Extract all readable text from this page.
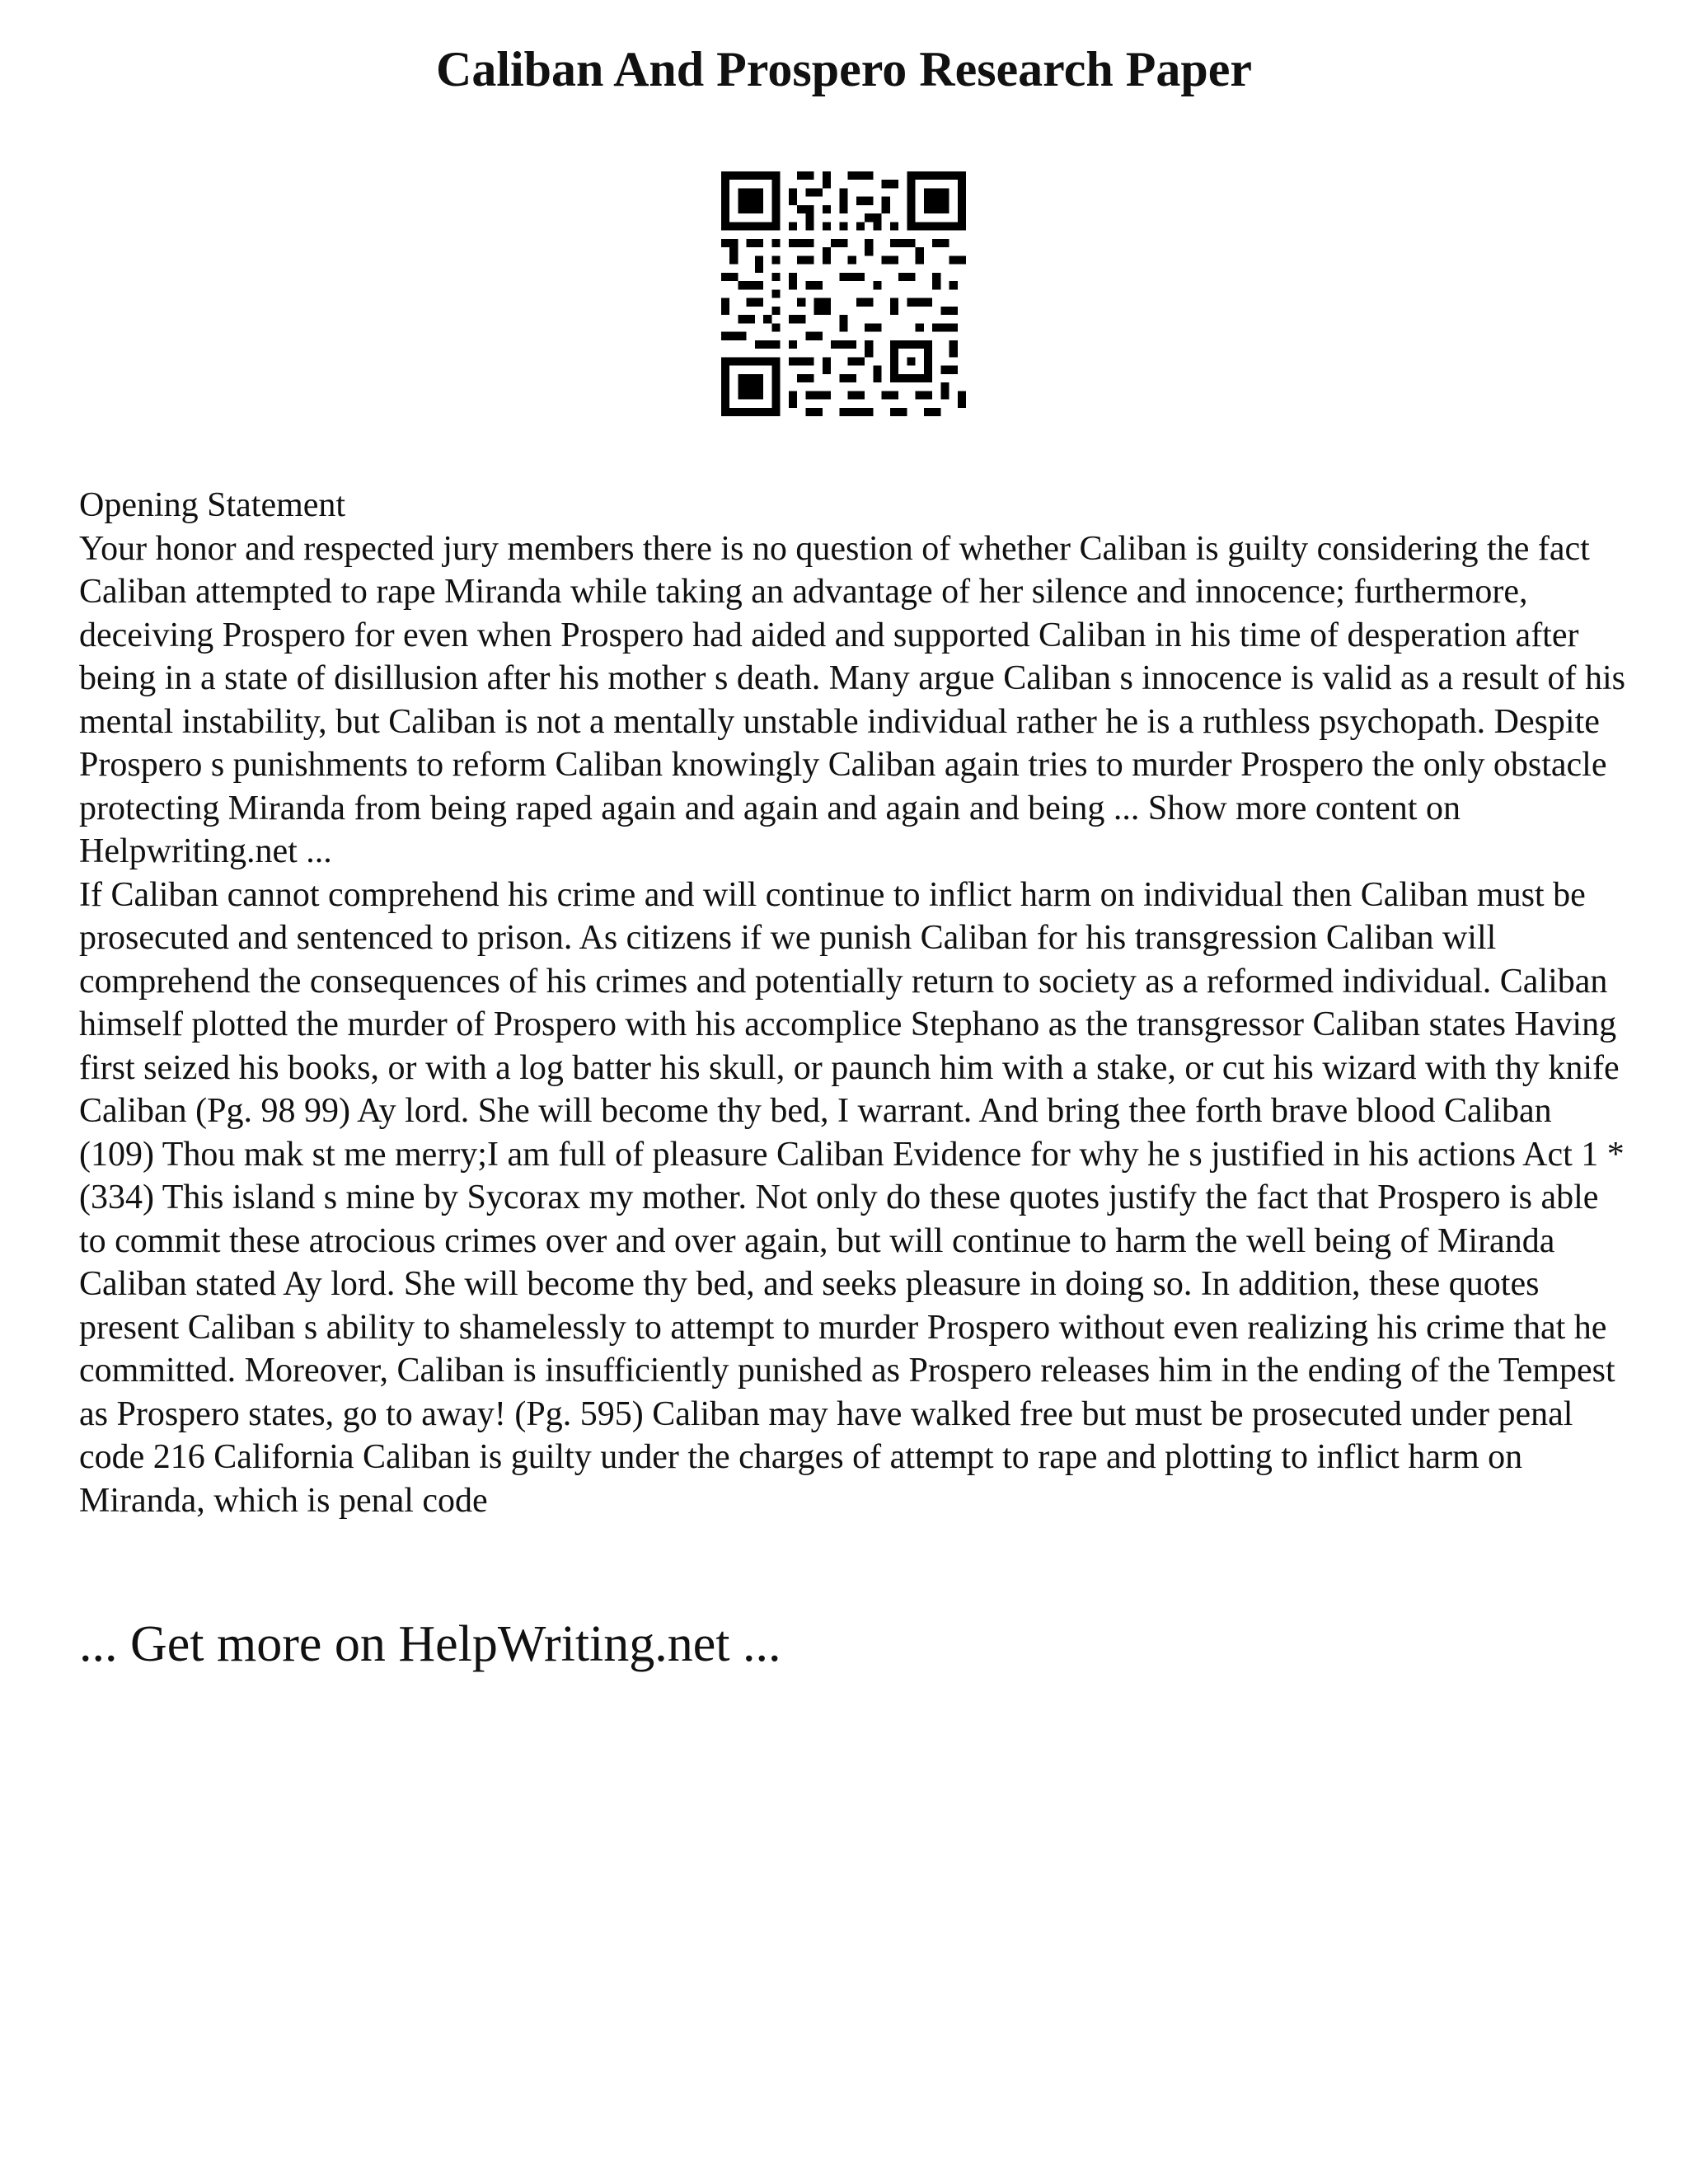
Caliban And Prospero Research Paper

Opening Statement

Your honor and respected jury members there is no question of whether Caliban is guilty considering the fact Caliban attempted to rape Miranda while taking an advantage of her silence and innocence; furthermore, deceiving Prospero for even when Prospero had aided and supported Caliban in his time of desperation after being in a state of disillusion after his mother s death. Many argue Caliban s innocence is valid as a result of his mental instability, but Caliban is not a mentally unstable individual rather he is a ruthless psychopath. Despite Prospero s punishments to reform Caliban knowingly Caliban again tries to murder Prospero the only obstacle protecting Miranda from being raped again and again and again and being ... Show more content on Helpwriting.net ...

If Caliban cannot comprehend his crime and will continue to inflict harm on individual then Caliban must be prosecuted and sentenced to prison. As citizens if we punish Caliban for his transgression Caliban will comprehend the consequences of his crimes and potentially return to society as a reformed individual. Caliban himself plotted the murder of Prospero with his accomplice Stephano as the transgressor Caliban states Having first seized his books, or with a log batter his skull, or paunch him with a stake, or cut his wizard with thy knife Caliban (Pg. 98 99) Ay lord. She will become thy bed, I warrant. And bring thee forth brave blood Caliban (109) Thou mak st me merry;I am full of pleasure Caliban Evidence for why he s justified in his actions Act 1 *(334) This island s mine by Sycorax my mother. Not only do these quotes justify the fact that Prospero is able to commit these atrocious crimes over and over again, but will continue to harm the well being of Miranda Caliban stated Ay lord. She will become thy bed, and seeks pleasure in doing so. In addition, these quotes present Caliban s ability to shamelessly to attempt to murder Prospero without even realizing his crime that he committed. Moreover, Caliban is insufficiently punished as Prospero releases him in the ending of the Tempest as Prospero states, go to away! (Pg. 595) Caliban may have walked free but must be prosecuted under penal code 216 California Caliban is guilty under the charges of attempt to rape and plotting to inflict harm on Miranda, which is penal code

... Get more on HelpWriting.net ...
